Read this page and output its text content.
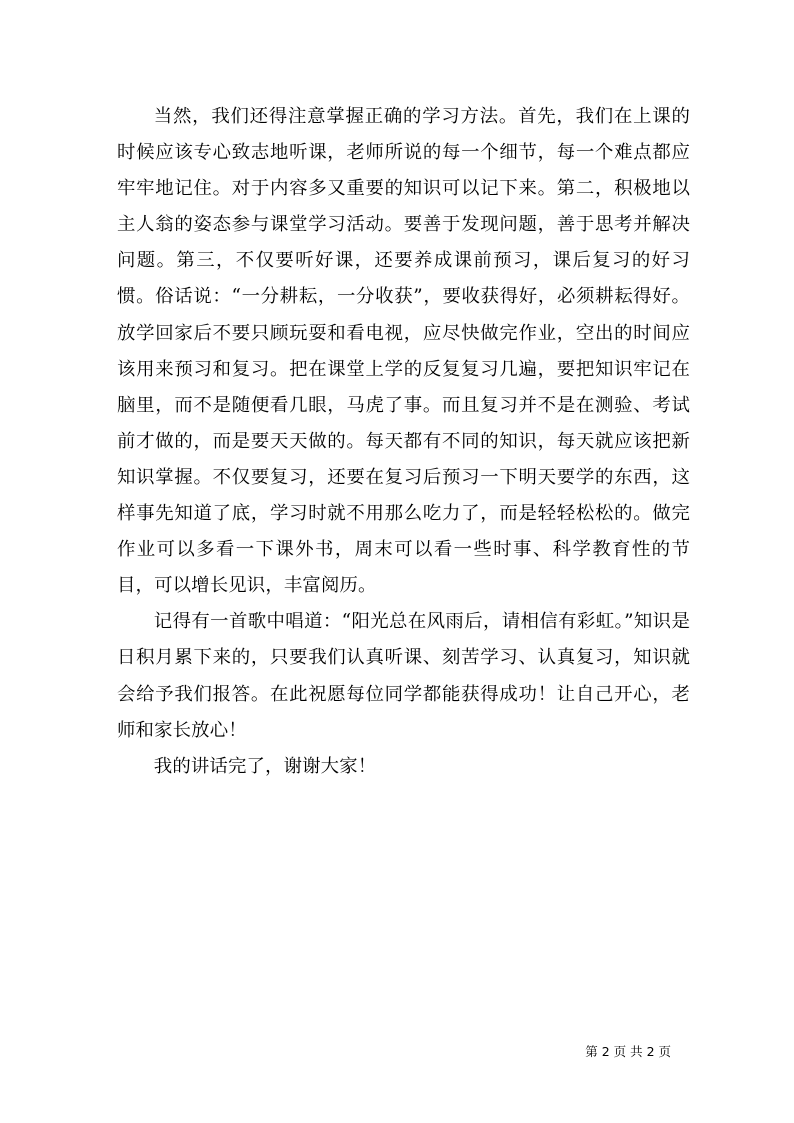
当然，我们还得注意掌握正确的学习方法。首先，我们在上课的时候应该专心致志地听课，老师所说的每一个细节，每一个难点都应牢牢地记住。对于内容多又重要的知识可以记下来。第二，积极地以主人翁的姿态参与课堂学习活动。要善于发现问题，善于思考并解决问题。第三，不仅要听好课，还要养成课前预习，课后复习的好习惯。俗话说：“一分耕耘，一分收获”，要收获得好，必须耕耘得好。放学回家后不要只顾玩耍和看电视，应尽快做完作业，空出的时间应该用来预习和复习。把在课堂上学的反复复习几遍，要把知识牢记在脑里，而不是随便看几眼，马虎了事。而且复习并不是在测验、考试前才做的，而是要天天做的。每天都有不同的知识，每天就应该把新知识掌握。不仅要复习，还要在复习后预习一下明天要学的东西，这样事先知道了底，学习时就不用那么吃力了，而是轻轻松松的。做完作业可以多看一下课外书，周末可以看一些时事、科学教育性的节目，可以增长见识，丰富阅历。

记得有一首歌中唱道：“阳光总在风雨后，请相信有彩虹。”知识是日积月累下来的，只要我们认真听课、刻苦学习、认真复习，知识就会给予我们报答。在此祝愿每位同学都能获得成功！让自己开心，老师和家长放心！

我的讲话完了，谢谢大家！

第 2 页 共 2 页
